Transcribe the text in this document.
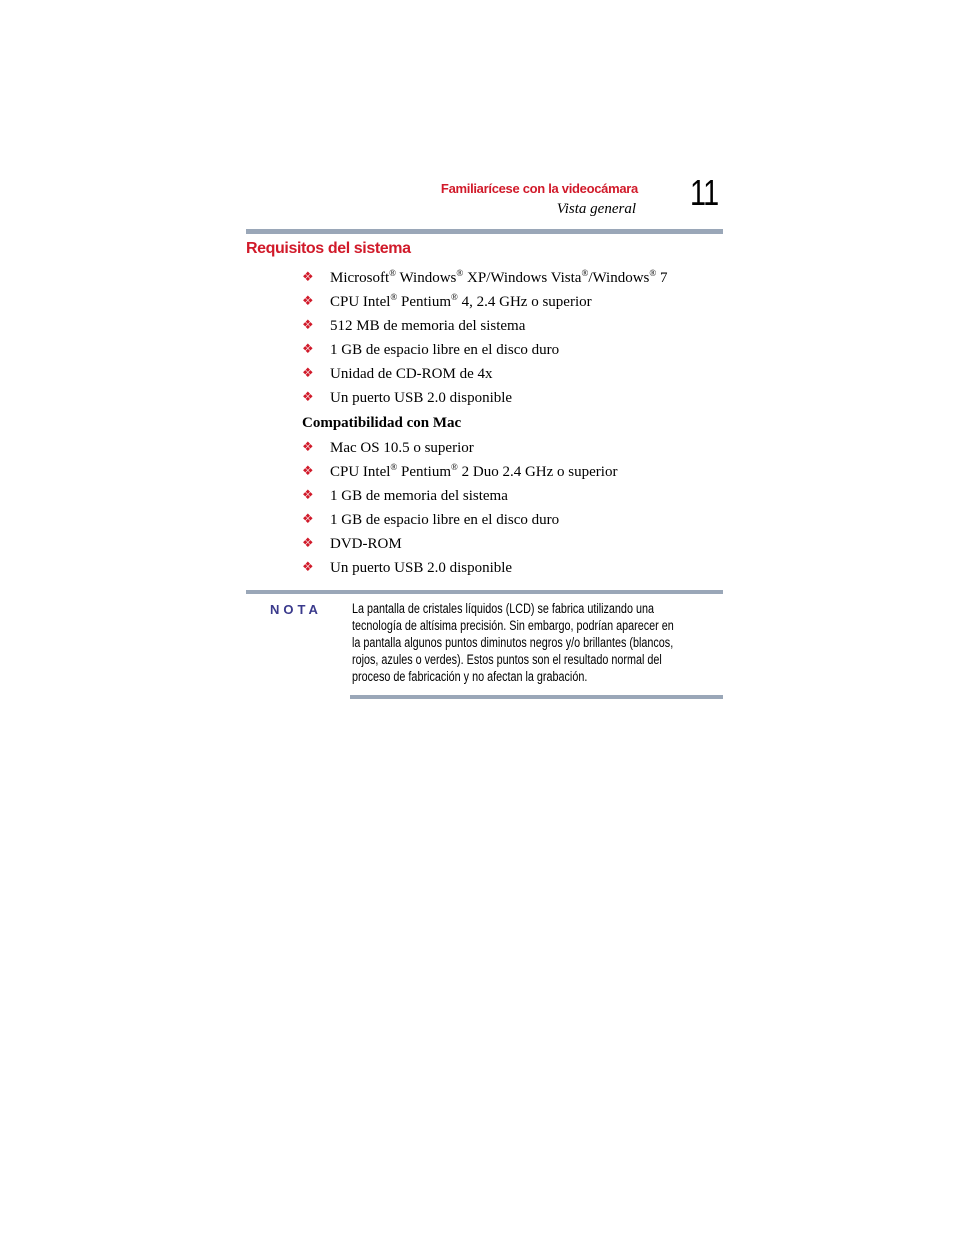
Familiarícese con la videocámara
Vista general 11
Requisitos del sistema
❖ Microsoft® Windows® XP/Windows Vista®/Windows® 7
❖ CPU Intel® Pentium® 4, 2.4 GHz o superior
❖ 512 MB de memoria del sistema
❖ 1 GB de espacio libre en el disco duro
❖ Unidad de CD-ROM de 4x
❖ Un puerto USB 2.0 disponible
Compatibilidad con Mac
❖ Mac OS 10.5 o superior
❖ CPU Intel® Pentium® 2 Duo 2.4 GHz o superior
❖ 1 GB de memoria del sistema
❖ 1 GB de espacio libre en el disco duro
❖ DVD-ROM
❖ Un puerto USB 2.0 disponible
NOTA La pantalla de cristales líquidos (LCD) se fabrica utilizando una
tecnología de altísima precisión. Sin embargo, podrían aparecer en
la pantalla algunos puntos diminutos negros y/o brillantes (blancos,
rojos, azules o verdes). Estos puntos son el resultado normal del
proceso de fabricación y no afectan la grabación.
